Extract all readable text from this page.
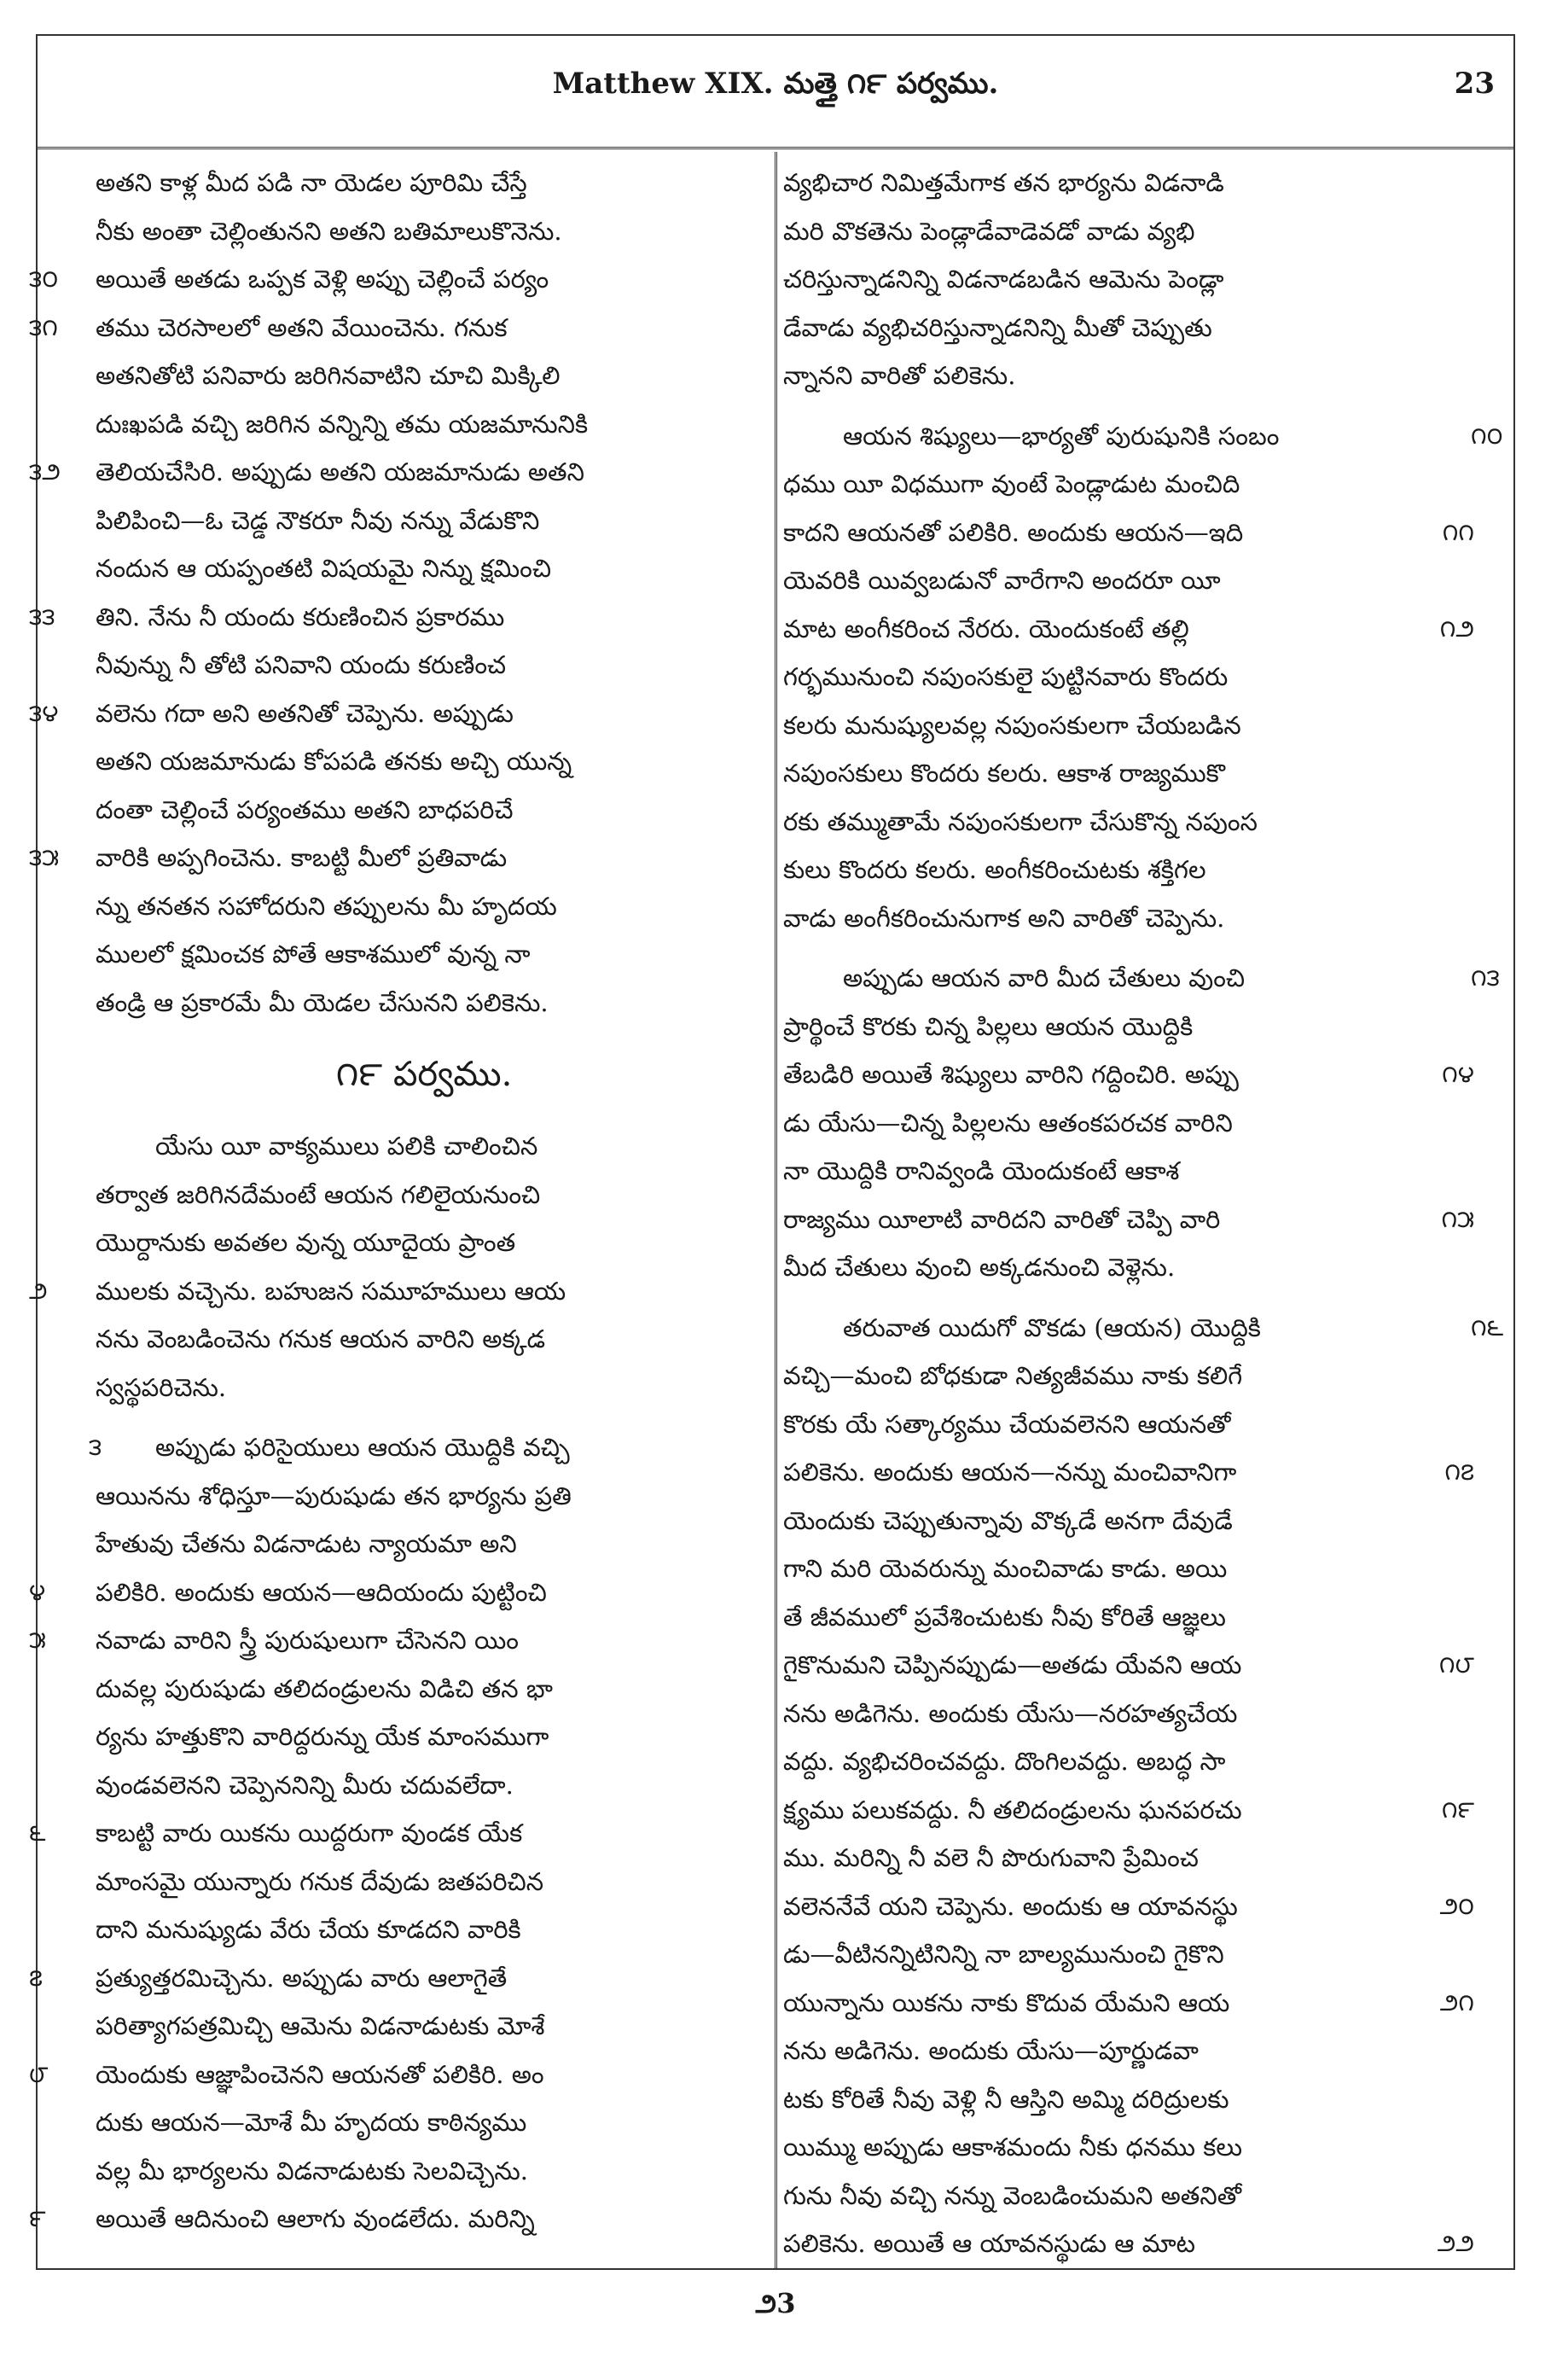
Matthew XIX. మత్తై ౧౯ పర్వము.	23
అతని కాళ్ల మీద పడి నా యెడల పూరిమి చేస్తే
నీకు అంతా చెల్లింతునని అతని బతిమాలుకొనెను.
అయితే అతడు ఒప్పక వెళ్లి అప్పు చెల్లించే పర్యం
౩౦
తము చెరసాలలో అతని వేయించెను. గనుక
౩౧
అతనితోటి పనివారు జరిగినవాటిని చూచి మిక్కిలి
దుఃఖపడి వచ్చి జరిగిన వన్నిన్ని తమ యజమానునికి
తెలియచేసిరి. అప్పుడు అతని యజమానుడు అతని
౩౨
పిలిపించి—ఓ చెడ్డ నౌకరూ నీవు నన్ను వేడుకొని
నందున ఆ యప్పంతటి విషయమై నిన్ను క్షమించి
తిని. నేను నీ యందు కరుణించిన ప్రకారము
౩౩
నీవున్ను నీ తోటి పనివాని యందు కరుణించ
వలెను గదా అని అతనితో చెప్పెను. అప్పుడు
౩౪
అతని యజమానుడు కోపపడి తనకు అచ్చి యున్న
దంతా చెల్లించే పర్యంతము అతని బాధపరిచే
వారికి అప్పగించెను. కాబట్టి మీలో ప్రతివాడు
౩౫
న్ను తనతన సహోదరుని తప్పులను మీ హృదయ
ములలో క్షమించక పోతే ఆకాశములో వున్న నా
తండ్రి ఆ ప్రకారమే మీ యెడల చేసునని పలికెను.
౧౯ పర్వము.
యేసు యీ వాక్యములు పలికి చాలించిన
తర్వాత జరిగినదేమంటే ఆయన గలిలైయనుంచి
యొర్దానుకు అవతల వున్న యూదైయ ప్రాంత
ములకు వచ్చెను. బహుజన సమూహములు ఆయ
౨
నను వెంబడించెను గనుక ఆయన వారిని అక్కడ
స్వస్థపరిచెను.
అప్పుడు ఫరిసైయులు ఆయన యొద్దికి వచ్చి
౩
ఆయినను శోధిస్తూ—పురుషుడు తన భార్యను ప్రతి
హేతువు చేతను విడనాడుట న్యాయమా అని
పలికిరి. అందుకు ఆయన—ఆదియందు పుట్టించి
౪
నవాడు వారిని స్త్రీ పురుషులుగా చేసెనని యిం
౫
దువల్ల పురుషుడు తలిదండ్రులను విడిచి తన భా
ర్యను హత్తుకొని వారిద్దరున్ను యేక మాంసముగా
వుండవలెనని చెప్పెననిన్ని మీరు చదువలేదా.
కాబట్టి వారు యికను యిద్దరుగా వుండక యేక
౬
మాంసమై యున్నారు గనుక దేవుడు జతపరిచిన
దాని మనుష్యుడు వేరు చేయ కూడదని వారికి
ప్రత్యుత్తరమిచ్చెను. అప్పుడు వారు ఆలాగైతే
౭
పరిత్యాగపత్రమిచ్చి ఆమెను విడనాడుటకు మోశే
యెందుకు ఆజ్ఞాపించెనని ఆయనతో పలికిరి. అం
౮
దుకు ఆయన—మోశే మీ హృదయ కాఠిన్యము
వల్ల మీ భార్యలను విడనాడుటకు సెలవిచ్చెను.
అయితే ఆదినుంచి ఆలాగు వుండలేదు. మరిన్ని
౯
వ్యభిచార నిమిత్తమేగాక తన భార్యను విడనాడి
మరి వొకతెను పెండ్లాడేవాడెవడో వాడు వ్యభి
చరిస్తున్నాడనిన్ని విడనాడబడిన ఆమెను పెండ్లా
డేవాడు వ్యభిచరిస్తున్నాడనిన్ని మీతో చెప్పుతు
న్నానని వారితో పలికెను.
ఆయన శిష్యులు—భార్యతో పురుషునికి సంబం	౧౦
ధము యీ విధముగా వుంటే పెండ్లాడుట మంచిది
కాదని ఆయనతో పలికిరి. అందుకు ఆయన—ఇది	౧౧
యెవరికి యివ్వబడునో వారేగాని అందరూ యీ
మాట అంగీకరించ నేరరు. యెందుకంటే తల్లి	౧౨
గర్భమునుంచి నపుంసకులై పుట్టినవారు కొందరు
కలరు మనుష్యులవల్ల నపుంసకులగా చేయబడిన
నపుంసకులు కొందరు కలరు. ఆకాశ రాజ్యముకొ
రకు తమ్ముతామే నపుంసకులగా చేసుకొన్న నపుంస
కులు కొందరు కలరు. అంగీకరించుటకు శక్తిగల
వాడు అంగీకరించునుగాక అని వారితో చెప్పెను.
అప్పుడు ఆయన వారి మీద చేతులు వుంచి	౧౩
ప్రార్థించే కొరకు చిన్న పిల్లలు ఆయన యొద్దికి
తేబడిరి అయితే శిష్యులు వారిని గద్దించిరి. అప్పు	౧౪
డు యేసు—చిన్న పిల్లలను ఆతంకపరచక వారిని
నా యొద్దికి రానివ్వండి యెందుకంటే ఆకాశ
రాజ్యము యీలాటి వారిదని వారితో చెప్పి వారి	౧౫
మీద చేతులు వుంచి అక్కడనుంచి వెళ్లెను.
తరువాత యిదుగో వొకడు (ఆయన) యొద్దికి	౧౬
వచ్చి—మంచి బోధకుడా నిత్యజీవము నాకు కలిగే
కొరకు యే సత్కార్యము చేయవలెనని ఆయనతో
పలికెను. అందుకు ఆయన—నన్ను మంచివానిగా	౧౭
యెందుకు చెప్పుతున్నావు వొక్కడే అనగా దేవుడే
గాని మరి యెవరున్ను మంచివాడు కాడు. అయి
తే జీవములో ప్రవేశించుటకు నీవు కోరితే ఆజ్ఞలు
గైకొనుమని చెప్పినప్పుడు—అతడు యేవని ఆయ	౧౮
నను అడిగెను. అందుకు యేసు—నరహత్యచేయ
వద్దు. వ్యభిచరించవద్దు. దొంగిలవద్దు. అబద్ధ సా
క్ష్యము పలుకవద్దు. నీ తలిదండ్రులను ఘనపరచు	౧౯
ము. మరిన్ని నీ వలె నీ పొరుగువాని ప్రేమించ
వలెననేవే యని చెప్పెను. అందుకు ఆ యావనస్థు	౨౦
డు—వీటినన్నిటినిన్ని నా బాల్యమునుంచి గైకొని
యున్నాను యికను నాకు కొదువ యేమని ఆయ	౨౧
నను అడిగెను. అందుకు యేసు—పూర్ణుడవా
టకు కోరితే నీవు వెళ్లి నీ ఆస్తిని అమ్మి దరిద్రులకు
యిమ్ము అప్పుడు ఆకాశమందు నీకు ధనము కలు
గును నీవు వచ్చి నన్ను వెంబడించుమని అతనితో
పలికెను. అయితే ఆ యావనస్థుడు ఆ మాట	౨౨
౨3
